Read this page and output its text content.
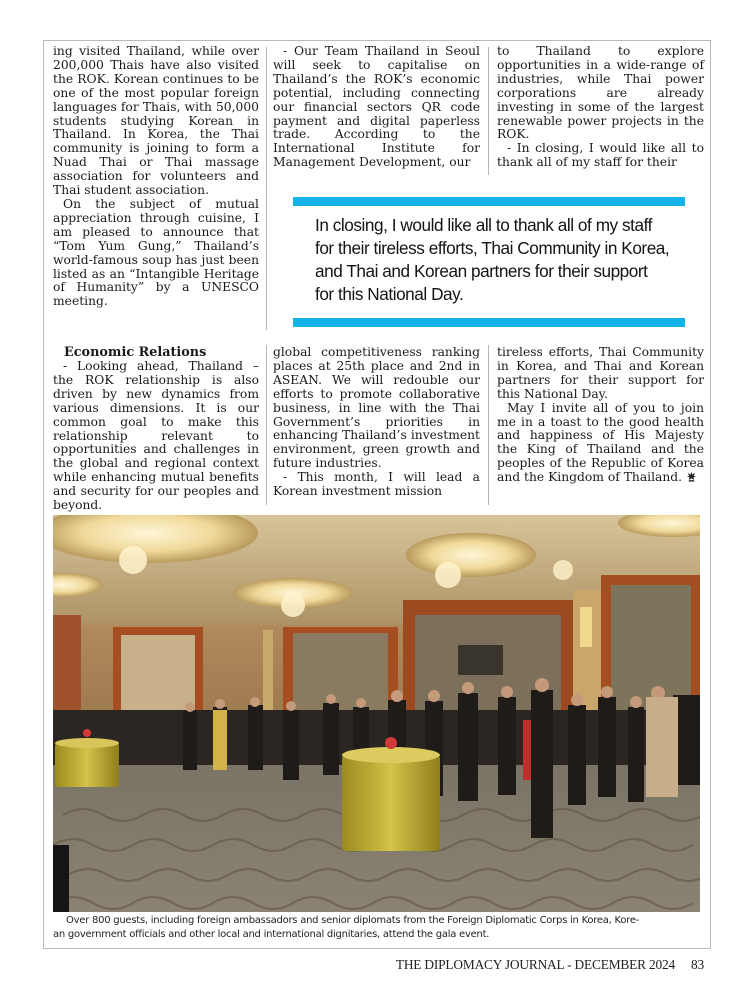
ing visited Thailand, while over 200,000 Thais have also visited the ROK. Korean continues to be one of the most popular foreign languages for Thais, with 50,000 students studying Korean in Thailand. In Korea, the Thai community is joining to form a Nuad Thai or Thai massage association for volunteers and Thai student association.

On the subject of mutual appreciation through cuisine, I am pleased to announce that “Tom Yum Gung,” Thailand’s world-famous soup has just been listed as an “Intangible Heritage of Humanity” by a UNESCO meeting.

- Our Team Thailand in Seoul will seek to capitalise on Thailand’s the ROK’s economic potential, including connecting our financial sectors QR code payment and digital paperless trade. According to the International Institute for Management Development, our

to Thailand to explore opportunities in a wide-range of industries, while Thai power corporations are already investing in some of the largest renewable power projects in the ROK.

- In closing, I would like all to thank all of my staff for their

In closing, I would like all to thank all of my staff for their tireless efforts, Thai Community in Korea, and Thai and Korean partners for their support for this National Day.
Economic Relations

- Looking ahead, Thailand – the ROK relationship is also driven by new dynamics from various dimensions. It is our common goal to make this relationship relevant to opportunities and challenges in the global and regional context while enhancing mutual benefits and security for our peoples and beyond.

global competitiveness ranking places at 25th place and 2nd in ASEAN. We will redouble our efforts to promote collaborative business, in line with the Thai Government’s priorities in enhancing Thailand’s investment environment, green growth and future industries.

- This month, I will lead a Korean investment mission

tireless efforts, Thai Community in Korea, and Thai and Korean partners for their support for this National Day.

May I invite all of you to join me in a toast to the good health and happiness of His Majesty the King of Thailand and the peoples of the Republic of Korea and the Kingdom of Thailand.

Over 800 guests, including foreign ambassadors and senior diplomats from the Foreign Diplomatic Corps in Korea, Kore-
an government officials and other local and international dignitaries, attend the gala event.
THE DIPLOMACY JOURNAL - DECEMBER 2024 83
